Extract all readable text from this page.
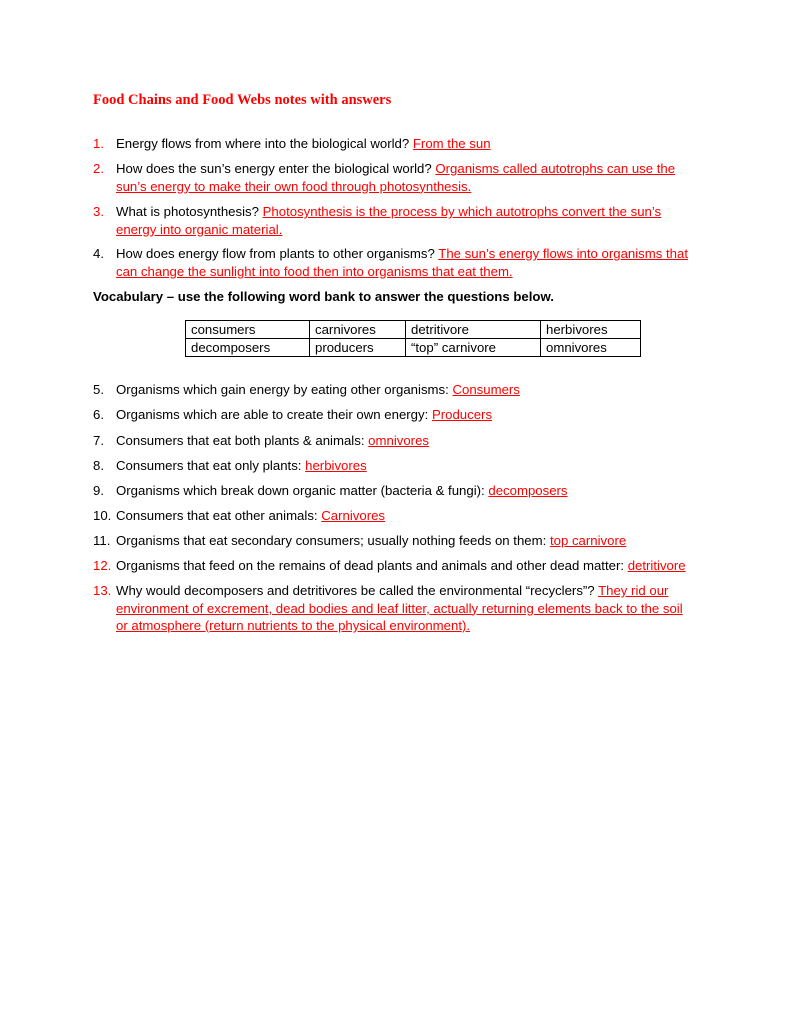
Food Chains and Food Webs notes with answers
1. Energy flows from where into the biological world? From the sun
2. How does the sun’s energy enter the biological world? Organisms called autotrophs can use the sun’s energy to make their own food through photosynthesis.
3. What is photosynthesis? Photosynthesis is the process by which autotrophs convert the sun’s energy into organic material.
4. How does energy flow from plants to other organisms? The sun’s energy flows into organisms that can change the sunlight into food then into organisms that eat them.
Vocabulary – use the following word bank to answer the questions below.
consumers	carnivores	detritivore	herbivores
decomposers	producers	“top” carnivore	omnivores
5. Organisms which gain energy by eating other organisms: Consumers
6. Organisms which are able to create their own energy: Producers
7. Consumers that eat both plants & animals: omnivores
8. Consumers that eat only plants: herbivores
9. Organisms which break down organic matter (bacteria & fungi): decomposers
10. Consumers that eat other animals: Carnivores
11. Organisms that eat secondary consumers; usually nothing feeds on them: top carnivore
12. Organisms that feed on the remains of dead plants and animals and other dead matter: detritivore
13. Why would decomposers and detritivores be called the environmental “recyclers”? They rid our environment of excrement, dead bodies and leaf litter, actually returning elements back to the soil or atmosphere (return nutrients to the physical environment).
